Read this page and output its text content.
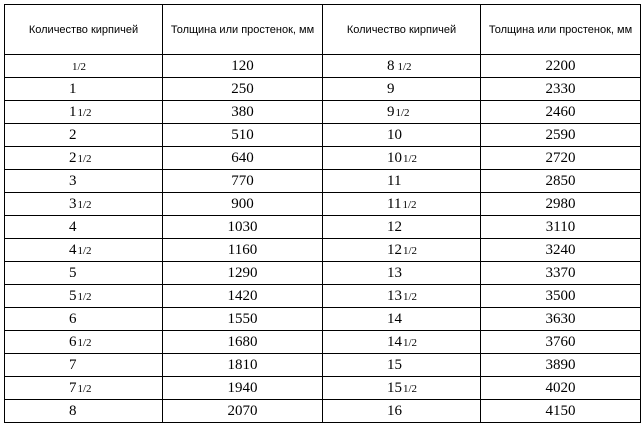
Количество кирпичей	Толщина или простенок, мм	Количество кирпичей	Толщина или простенок, мм
1/2	120	8 1/2	2200
1	250	9	2330
11/2	380	91/2	2460
2	510	10	2590
21/2	640	101/2	2720
3	770	11	2850
31/2	900	111/2	2980
4	1030	12	3110
41/2	1160	121/2	3240
5	1290	13	3370
51/2	1420	131/2	3500
6	1550	14	3630
61/2	1680	141/2	3760
7	1810	15	3890
71/2	1940	151/2	4020
8	2070	16	4150
